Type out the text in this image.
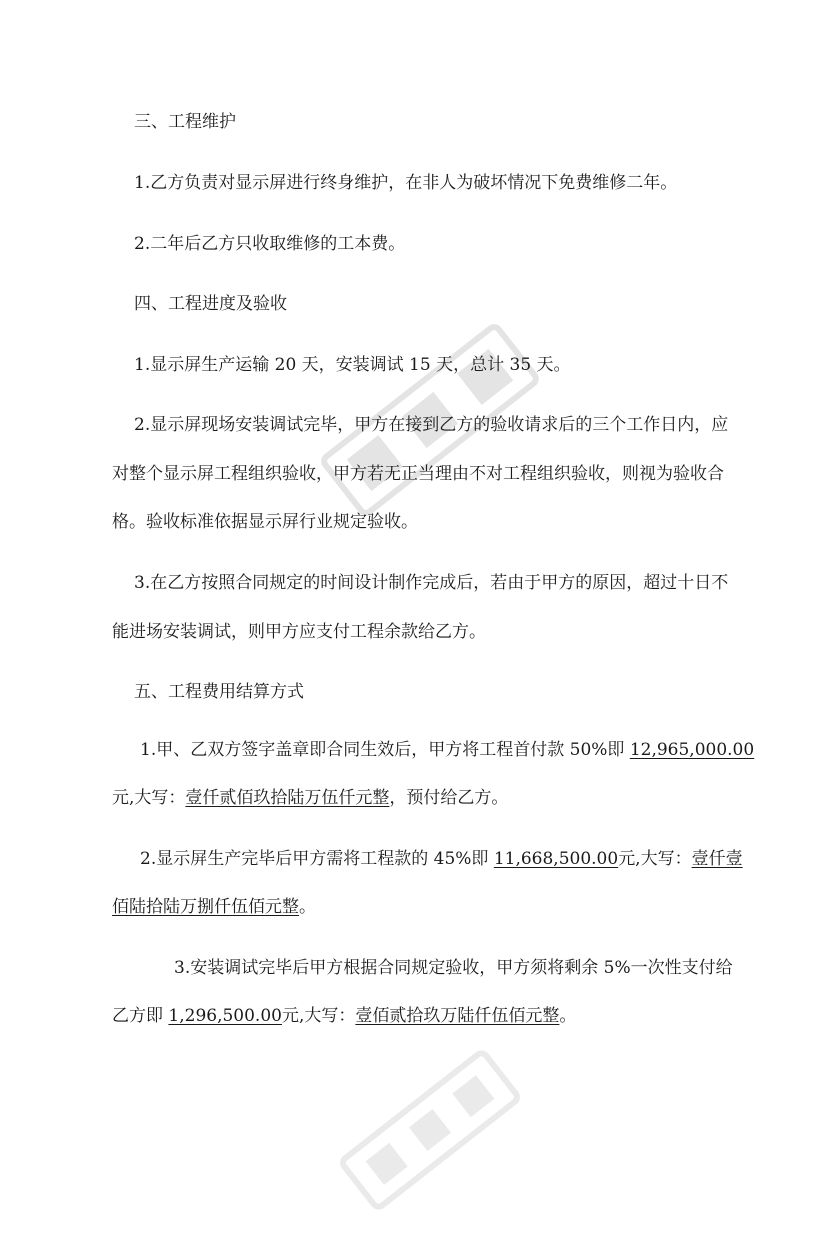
三、工程维护
1.乙方负责对显示屏进行终身维护，在非人为破坏情况下免费维修二年。
2.二年后乙方只收取维修的工本费。
四、工程进度及验收
1.显示屏生产运输 20 天，安装调试 15 天，总计 35 天。
2.显示屏现场安装调试完毕，甲方在接到乙方的验收请求后的三个工作日内，应
对整个显示屏工程组织验收，甲方若无正当理由不对工程组织验收，则视为验收合
格。验收标准依据显示屏行业规定验收。
3.在乙方按照合同规定的时间设计制作完成后，若由于甲方的原因，超过十日不
能进场安装调试，则甲方应支付工程余款给乙方。
五、工程费用结算方式
1.甲、乙双方签字盖章即合同生效后，甲方将工程首付款 50%即 12,965,000.00
元,大写：壹仟贰佰玖拾陆万伍仟元整，预付给乙方。
2.显示屏生产完毕后甲方需将工程款的 45%即 11,668,500.00元,大写：壹仟壹
佰陆拾陆万捌仟伍佰元整。
3.安装调试完毕后甲方根据合同规定验收，甲方须将剩余 5%一次性支付给
乙方即 1,296,500.00元,大写：壹佰贰拾玖万陆仟伍佰元整。
